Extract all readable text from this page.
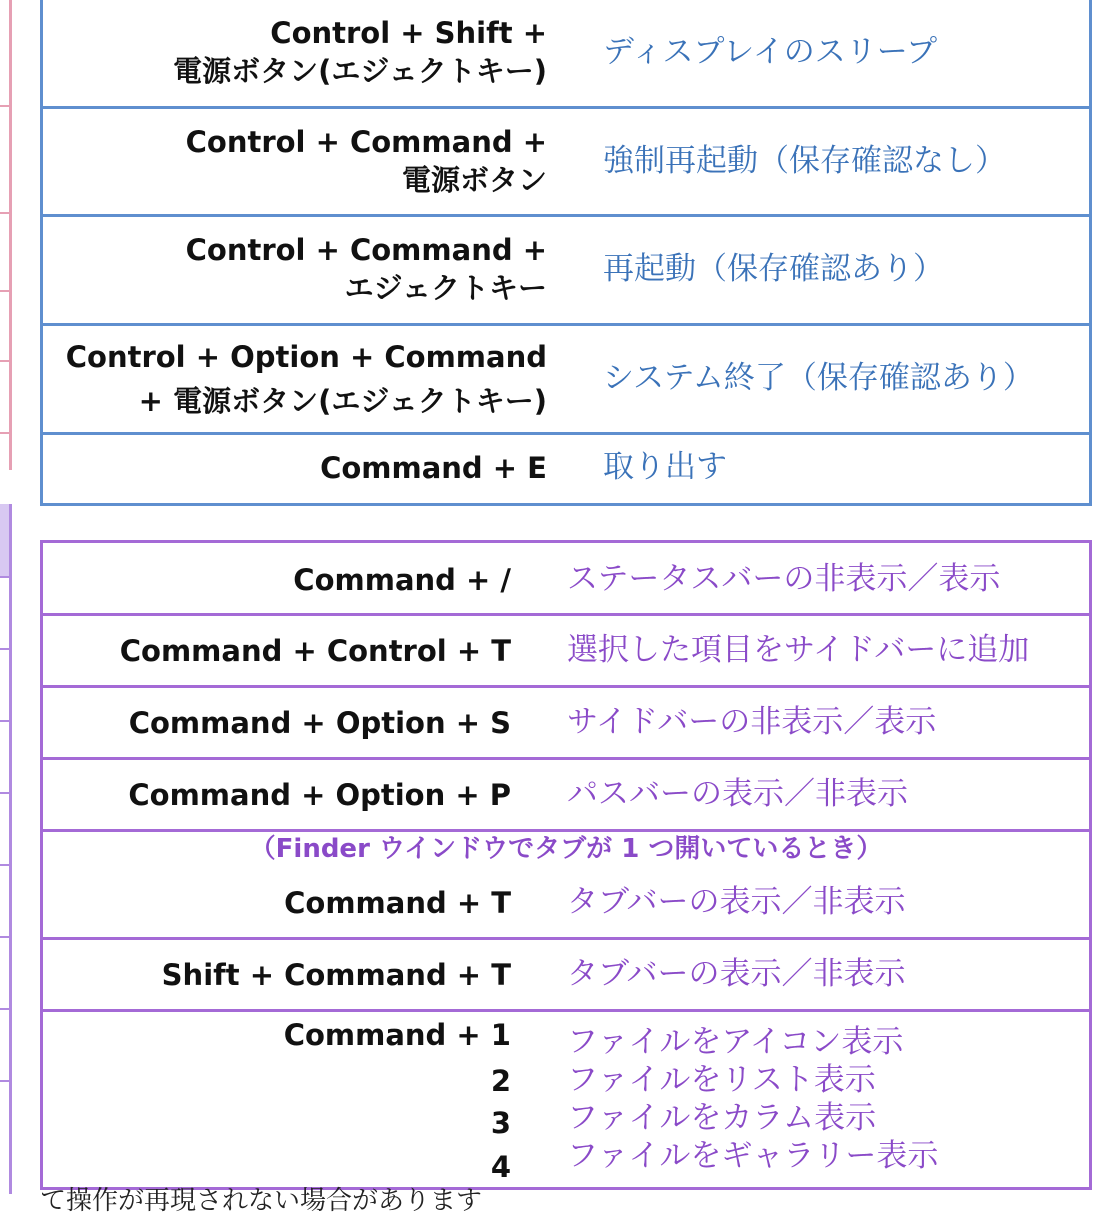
Control + Shift +
電源ボタン(エジェクトキー)
ディスプレイのスリープ
Control + Command +
電源ボタン
強制再起動（保存確認なし）
Control + Command +
エジェクトキー
再起動（保存確認あり）
Control + Option + Command
+ 電源ボタン(エジェクトキー)
システム終了（保存確認あり）
Command + E 取り出す
Command + / ステータスバーの非表示／表示
Command + Control + T 選択した項目をサイドバーに追加
Command + Option + S サイドバーの非表示／表示
Command + Option + P パスバーの表示／非表示
（Finder ウインドウでタブが 1 つ開いているとき）
Command + T タブバーの表示／非表示
Shift + Command + T タブバーの表示／非表示
Command + 1 ファイルをアイコン表示
2 ファイルをリスト表示
3 ファイルをカラム表示
4 ファイルをギャラリー表示
て操作が再現されない場合があります
